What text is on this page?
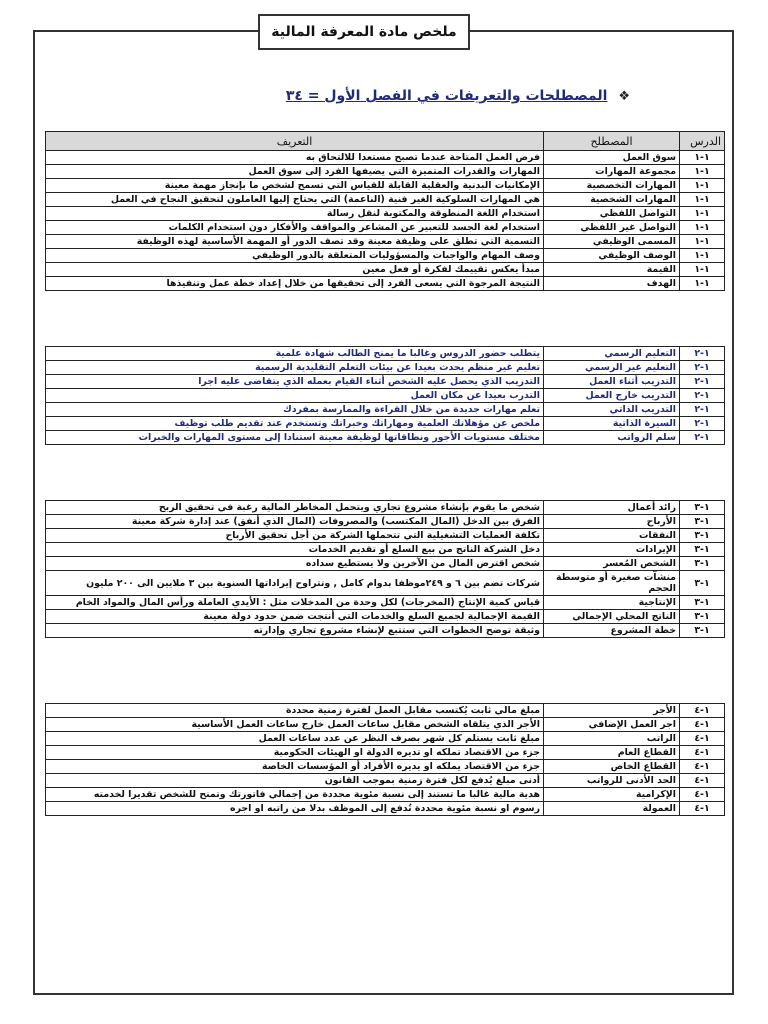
ملخص مادة المعرفة المالية
❖ المصطلحات والتعريفات في الفصل الأول = ٣٤
الدرس	المصطلح	التعريف
١-١	سوق العمل	فرص العمل المتاحة عندما تصبح مستعدا للالتحاق به
١-١	مجموعة المهارات	المهارات والقدرات المتميزة التي يضيفها الفرد إلى سوق العمل
١-١	المهارات التخصصية	الإمكانيات البدنية والعقلية القابلة للقياس التي تسمح لشخص ما بإنجاز مهمة معينة
١-١	المهارات الشخصية	هي المهارات السلوكية الغير فنية (الناعمة) التي يحتاج إليها العاملون لتحقيق النجاح في العمل
١-١	التواصل اللفظي	استخدام اللغة المنطوقة والمكتوبة لنقل رسالة
١-١	التواصل غير اللفظي	استخدام لغة الجسد للتعبير عن المشاعر والمواقف والأفكار دون استخدام الكلمات
١-١	المسمى الوظيفي	التسمية التي تطلق على وظيفة معينة وقد تصف الدور أو المهمة الأساسية لهذه الوظيفة
١-١	الوصف الوظيفي	وصف المهام والواجبات والمسؤوليات المتعلقة بالدور الوظيفي
١-١	القيمة	مبدأ يعكس تقييمك لفكرة أو فعل معين
١-١	الهدف	النتيجة المرجوة التي يسعى الفرد إلى تحقيقها من خلال إعداد خطة عمل وتنفيذها
١-٢	التعليم الرسمي	يتطلب حضور الدروس وغالبا ما يمنح الطالب شهادة علمية
١-٢	التعليم غير الرسمي	تعليم غير منظم يحدث بعيدا عن بيئات التعلم التقليدية الرسمية
١-٢	التدريب أثناء العمل	التدريب الذي يحصل عليه الشخص أثناء القيام بعمله الذي يتقاضى عليه اجرا
١-٢	التدريب خارج العمل	التدرب بعيدا عن مكان العمل
١-٢	التدريب الذاتي	تعلم مهارات جديدة من خلال القراءة والممارسة بمفردك
١-٢	السيرة الذاتية	ملخص عن مؤهلاتك العلمية ومهاراتك وخبراتك وتستخدم عند تقديم طلب توظيف
١-٢	سلم الرواتب	مختلف مستويات الأجور ونطاقاتها لوظيفة معينة استنادا إلى مستوى المهارات والخبرات
١-٣	رائد أعمال	شخص ما يقوم بإنشاء مشروع تجاري ويتحمل المخاطر المالية رغبة في تحقيق الربح
١-٣	الأرباح	الفرق بين الدخل (المال المكتسب) والمصروفات (المال الذي أنفق) عند إدارة شركة معينة
١-٣	النفقات	تكلفة العمليات التشغيلية التي تتحملها الشركة من أجل تحقيق الأرباح
١-٣	الإيرادات	دخل الشركة الناتج من بيع السلع أو تقديم الخدمات
١-٣	الشخص المُعسر	شخص اقترض المال من الآخرين ولا يستطيع سداده
١-٣	منشآت صغيرة أو متوسطة الحجم	شركات تضم بين ٦ و ٢٤٩موظفا بدوام كامل , وتتراوح إيراداتها السنوية بين ٣ ملايين الى ٢٠٠ مليون
١-٣	الإنتاجية	قياس كمية الإنتاج (المخرجات) لكل وحدة من المدخلات مثل : الأيدي العاملة ورأس المال والمواد الخام
١-٣	الناتج المحلي الإجمالي	القيمة الإجمالية لجميع السلع والخدمات التي أنتجت ضمن حدود دولة معينة
١-٣	خطة المشروع	وثيقة توضح الخطوات التي ستتبع لإنشاء مشروع تجاري وإدارته
١-٤	الأجر	مبلغ مالي ثابت يُكتسب مقابل العمل لفترة زمنية محددة
١-٤	اجر العمل الإضافي	الأجر الذي يتلقاه الشخص مقابل ساعات العمل خارج ساعات العمل الأساسية
١-٤	الراتب	مبلغ ثابت يستلم كل شهر بصرف النظر عن عدد ساعات العمل
١-٤	القطاع العام	جزء من الاقتصاد تملكه او تديره الدولة او الهيئات الحكومية
١-٤	القطاع الخاص	جزء من الاقتصاد يملكه او يديره الأفراد أو المؤسسات الخاصة
١-٤	الحد الأدنى للرواتب	أدنى مبلغ يُدفع لكل فترة زمنية بموجب القانون
١-٤	الإكرامية	هدية مالية غالبا ما تستند إلى نسبة مئوية محددة من إجمالي فاتورتك وتمنح للشخص تقديرا لخدمته
١-٤	العمولة	رسوم او نسبة مئوية محددة تُدفع إلى الموظف بدلا من راتبه او اجره
